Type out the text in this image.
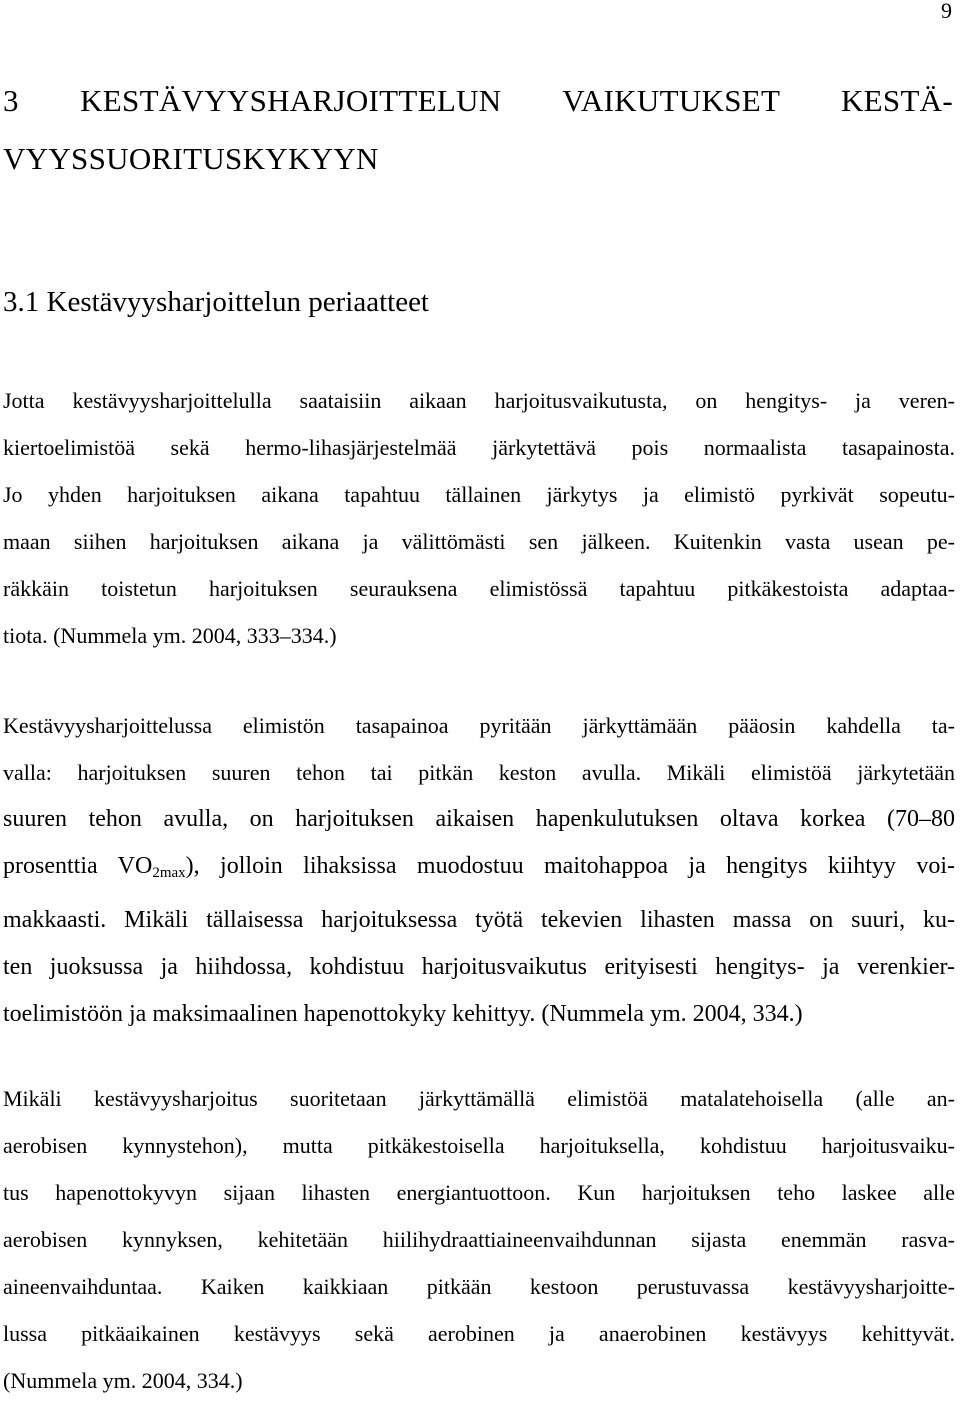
9
3 KESTÄVYYSHARJOITTELUN VAIKUTUKSET KESTÄ-VYYSSUORITUSKYKYYN
3.1 Kestävyysharjoittelun periaatteet

Jotta kestävyysharjoittelulla saataisiin aikaan harjoitusvaikutusta, on hengitys- ja veren-
kiertoelimistöä sekä hermo-lihasjärjestelmää järkytettävä pois normaalista tasapainosta.
Jo yhden harjoituksen aikana tapahtuu tällainen järkytys ja elimistö pyrkivät sopeutu-
maan siihen harjoituksen aikana ja välittömästi sen jälkeen. Kuitenkin vasta usean pe-
räkkäin toistetun harjoituksen seurauksena elimistössä tapahtuu pitkäkestoista adaptaa-
tiota. (Nummela ym. 2004, 333–334.)

Kestävyysharjoittelussa elimistön tasapainoa pyritään järkyttämään pääosin kahdella ta-
valla: harjoituksen suuren tehon tai pitkän keston avulla. Mikäli elimistöä järkytetään
suuren tehon avulla, on harjoituksen aikaisen hapenkulutuksen oltava korkea (70–80
prosenttia $VO_{2max}$), jolloin lihaksissa muodostuu maitohappoa ja hengitys kiihtyy voi-
makkaasti. Mikäli tällaisessa harjoituksessa työtä tekevien lihasten massa on suuri, ku-
ten juoksussa ja hiihdossa, kohdistuu harjoitusvaikutus erityisesti hengitys- ja verenkier-
toelimistöön ja maksimaalinen hapenottokyky kehittyy. (Nummela ym. 2004, 334.)

Mikäli kestävyysharjoitus suoritetaan järkyttämällä elimistöä matalatehoisella (alle an-
aerobisen kynnystehon), mutta pitkäkestoisella harjoituksella, kohdistuu harjoitusvaiku-
tus hapenottokyvyn sijaan lihasten energiantuottoon. Kun harjoituksen teho laskee alle
aerobisen kynnyksen, kehitetään hiilihydraattiaineenvaihdunnan sijasta enemmän rasva-
aineenvaihduntaa. Kaiken kaikkiaan pitkään kestoon perustuvassa kestävyysharjoitte-
lussa pitkäaikainen kestävyys sekä aerobinen ja anaerobinen kestävyys kehittyvät.
(Nummela ym. 2004, 334.)
